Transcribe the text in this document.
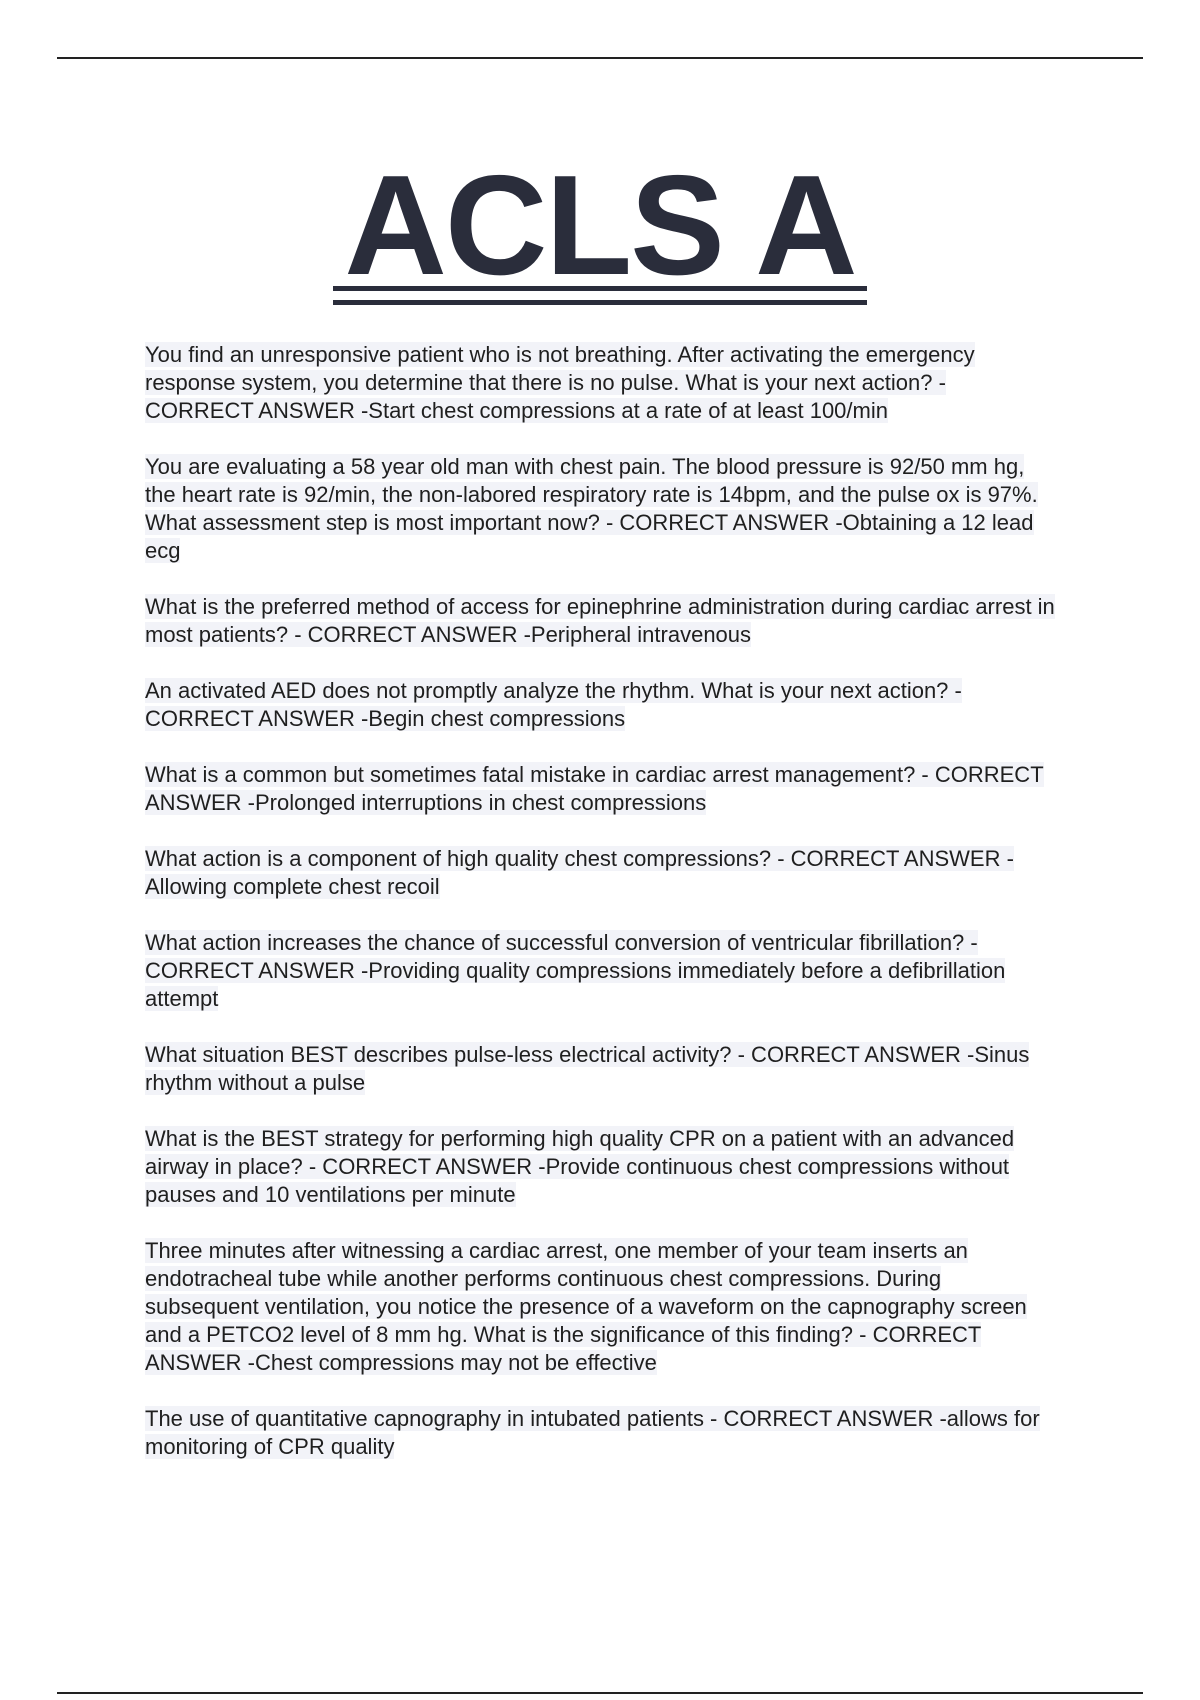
ACLS A

You find an unresponsive patient who is not breathing. After activating the emergency response system, you determine that there is no pulse. What is your next action? - CORRECT ANSWER -Start chest compressions at a rate of at least 100/min

You are evaluating a 58 year old man with chest pain. The blood pressure is 92/50 mm hg, the heart rate is 92/min, the non-labored respiratory rate is 14bpm, and the pulse ox is 97%. What assessment step is most important now? - CORRECT ANSWER -Obtaining a 12 lead ecg

What is the preferred method of access for epinephrine administration during cardiac arrest in most patients? - CORRECT ANSWER -Peripheral intravenous

An activated AED does not promptly analyze the rhythm. What is your next action? - CORRECT ANSWER -Begin chest compressions

What is a common but sometimes fatal mistake in cardiac arrest management? - CORRECT ANSWER -Prolonged interruptions in chest compressions

What action is a component of high quality chest compressions? - CORRECT ANSWER -Allowing complete chest recoil

What action increases the chance of successful conversion of ventricular fibrillation? - CORRECT ANSWER -Providing quality compressions immediately before a defibrillation attempt

What situation BEST describes pulse-less electrical activity? - CORRECT ANSWER -Sinus rhythm without a pulse

What is the BEST strategy for performing high quality CPR on a patient with an advanced airway in place? - CORRECT ANSWER -Provide continuous chest compressions without pauses and 10 ventilations per minute

Three minutes after witnessing a cardiac arrest, one member of your team inserts an endotracheal tube while another performs continuous chest compressions. During subsequent ventilation, you notice the presence of a waveform on the capnography screen and a PETCO2 level of 8 mm hg. What is the significance of this finding? - CORRECT ANSWER -Chest compressions may not be effective

The use of quantitative capnography in intubated patients - CORRECT ANSWER -allows for monitoring of CPR quality
